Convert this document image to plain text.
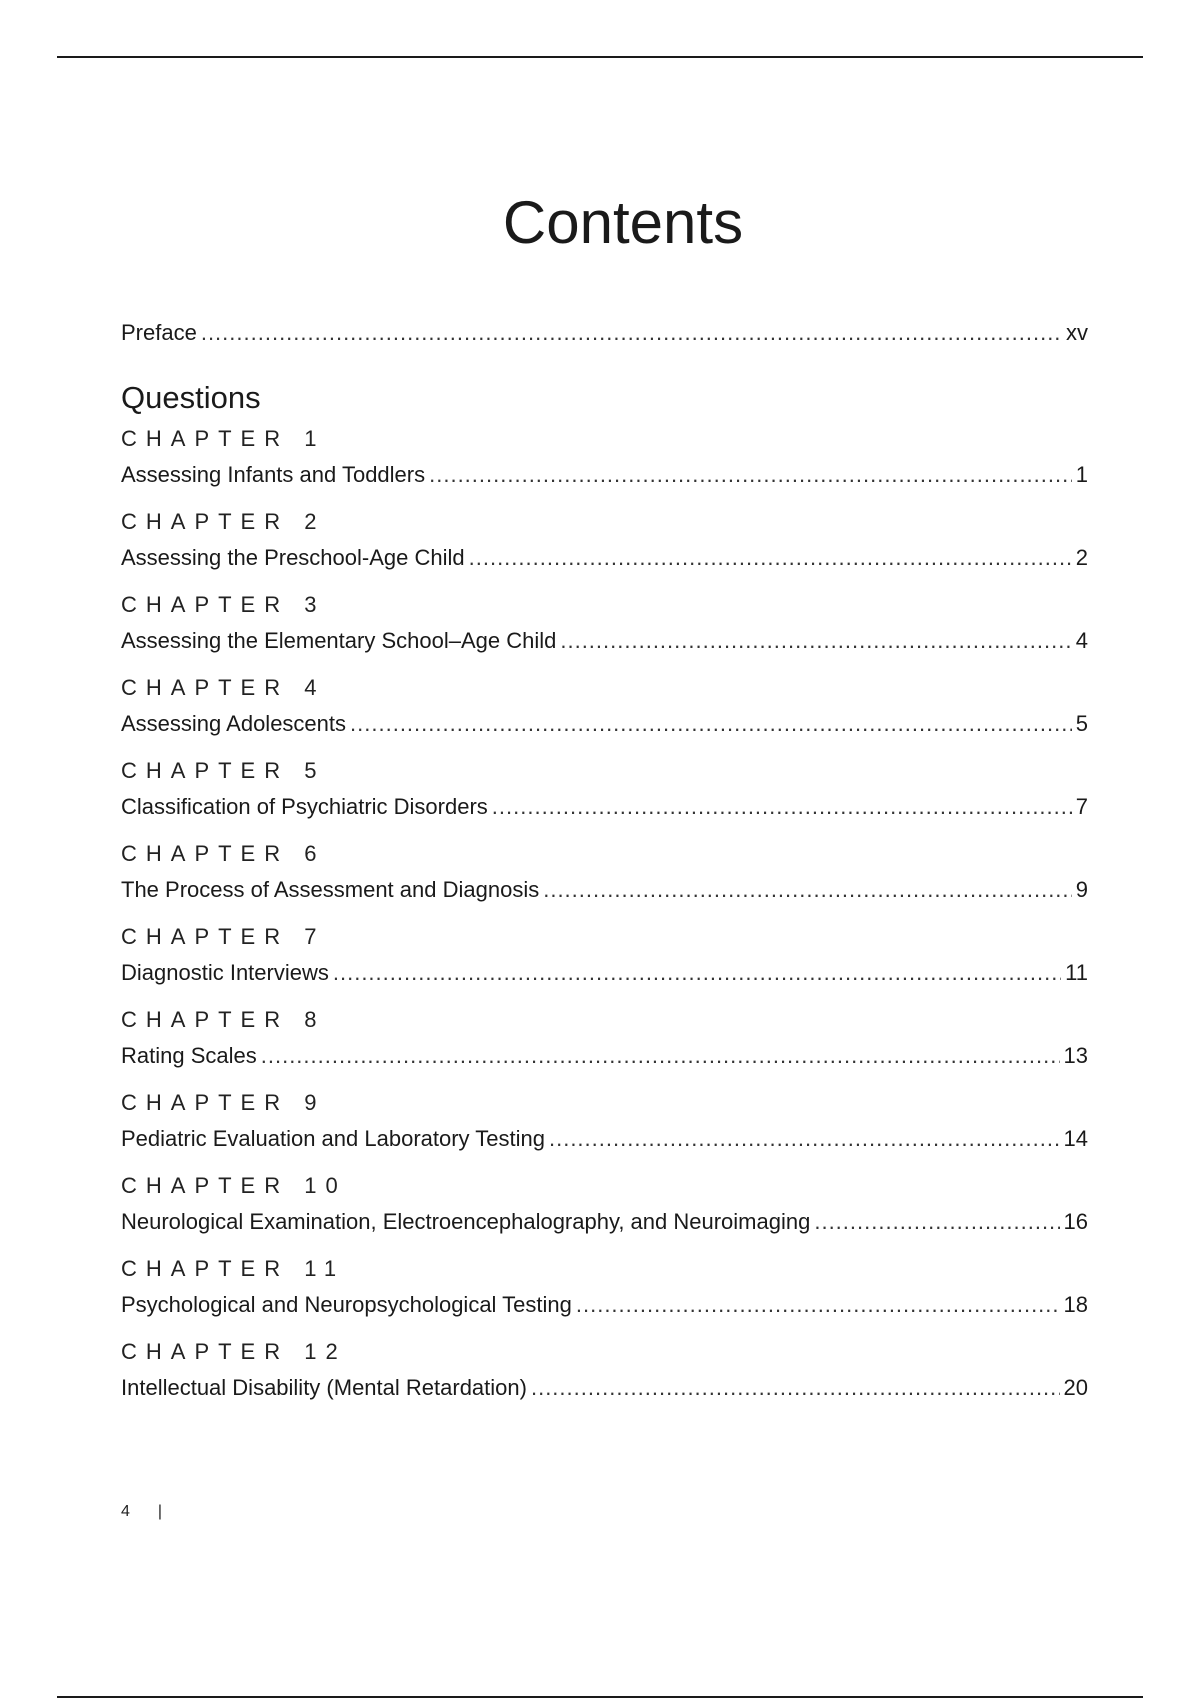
Contents
Preface .....	xv
Questions
CHAPTER 1
Assessing Infants and Toddlers .....	1
CHAPTER 2
Assessing the Preschool-Age Child .....	2
CHAPTER 3
Assessing the Elementary School–Age Child .....	4
CHAPTER 4
Assessing Adolescents .....	5
CHAPTER 5
Classification of Psychiatric Disorders .....	7
CHAPTER 6
The Process of Assessment and Diagnosis .....	9
CHAPTER 7
Diagnostic Interviews .....	11
CHAPTER 8
Rating Scales .....	13
CHAPTER 9
Pediatric Evaluation and Laboratory Testing .....	14
CHAPTER 10
Neurological Examination, Electroencephalography, and Neuroimaging .....	16
CHAPTER 11
Psychological and Neuropsychological Testing .....	18
CHAPTER 12
Intellectual Disability (Mental Retardation) .....	20
4 |
